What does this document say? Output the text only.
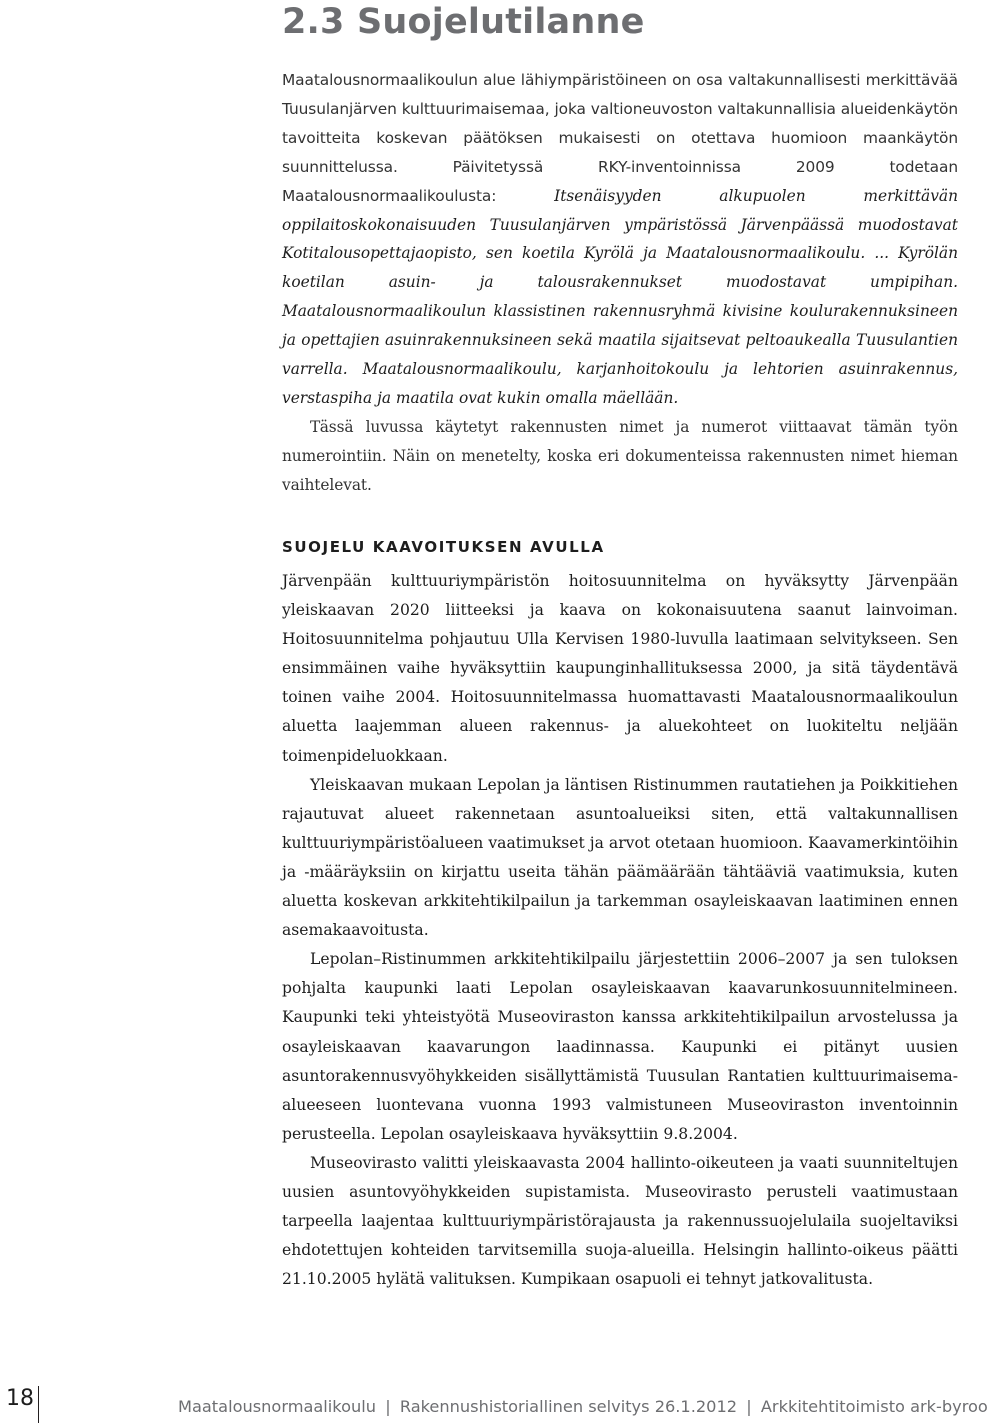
2.3 Suojelutilanne

Maatalousnormaalikoulun alue lähiympäristöineen on osa valtakunnallisesti merkittävää Tuusulanjärven kulttuurimaisemaa, joka valtioneuvoston valtakunnallisia alueidenkäytön tavoitteita koskevan päätöksen mukaisesti on otettava huomioon maankäytön suunnittelussa. Päivitetyssä RKY-inventoinnissa 2009 todetaan Maatalousnormaalikoulusta:	Itsenäisyyden alkupuolen merkittävän oppilaitoskokonaisuuden Tuusulanjärven ympäristössä Järvenpäässä muodostavat Kotitalousopettajaopisto, sen koetila Kyrölä ja Maatalousnormaalikoulu. ... Kyrölän koetilan asuin- ja talousrakennukset muodostavat umpipihan. Maatalousnormaalikoulun klassistinen rakennusryhmä kivisine koulurakennuksineen ja opettajien asuinrakennuksineen sekä maatila sijaitsevat peltoaukealla Tuusulantien varrella. Maatalousnormaalikoulu, karjanhoitokoulu ja lehtorien asuinrakennus, verstaspiha ja maatila ovat kukin omalla mäellään.

Tässä luvussa käytetyt rakennusten nimet ja numerot viittaavat tämän työn numerointiin. Näin on menetelty, koska eri dokumenteissa rakennusten nimet hieman vaihtelevat.

SUOJELU KAAVOITUKSEN AVULLA

Järvenpään kulttuuriympäristön hoitosuunnitelma on hyväksytty Järvenpään yleiskaavan 2020 liitteeksi ja kaava on kokonaisuutena saanut lainvoiman. Hoitosuunnitelma pohjautuu Ulla Kervisen 1980-luvulla laatimaan selvitykseen. Sen ensimmäinen vaihe hyväksyttiin kaupunginhallituksessa 2000, ja sitä täydentävä toinen vaihe 2004. Hoitosuunnitelmassa huomattavasti Maatalousnormaalikoulun aluetta laajemman alueen rakennus- ja aluekohteet on luokiteltu neljään toimenpideluokkaan.

Yleiskaavan mukaan Lepolan ja läntisen Ristinummen rautatiehen ja Poikkitiehen rajautuvat alueet rakennetaan asuntoalueiksi siten, että valtakunnallisen kulttuuriympäristöalueen vaatimukset ja arvot otetaan huomioon. Kaavamerkintöihin ja -määräyksiin on kirjattu useita tähän päämäärään tähtääviä vaatimuksia, kuten aluetta koskevan arkkitehtikilpailun ja tarkemman osayleiskaavan laatiminen ennen asemakaavoitusta.

Lepolan–Ristinummen arkkitehtikilpailu järjestettiin 2006–2007 ja sen tuloksen pohjalta kaupunki laati Lepolan osayleiskaavan kaavarunkosuunnitelmineen. Kaupunki teki yhteistyötä Museoviraston kanssa arkkitehtikilpailun arvostelussa ja osayleiskaavan kaavarungon laadinnassa. Kaupunki ei pitänyt uusien asuntorakennusvyöhykkeiden sisällyttämistä Tuusulan Rantatien kulttuurimaisema-alueeseen luontevana vuonna 1993 valmistuneen Museoviraston inventoinnin perusteella. Lepolan osayleiskaava hyväksyttiin 9.8.2004.

Museovirasto valitti yleiskaavasta 2004 hallinto-oikeuteen ja vaati suunniteltujen uusien asuntovyöhykkeiden supistamista. Museovirasto perusteli vaatimustaan tarpeella laajentaa kulttuuriympäristörajausta ja rakennussuojelulaila suojeltaviksi ehdotettujen kohteiden tarvitsemilla suoja-alueilla. Helsingin hallinto-oikeus päätti 21.10.2005 hylätä valituksen. Kumpikaan osapuoli ei tehnyt jatkovalitusta.

18	Maatalousnormaalikoulu | Rakennushistoriallinen selvitys 26.1.2012 | Arkkitehtitoimisto ark-byroo
